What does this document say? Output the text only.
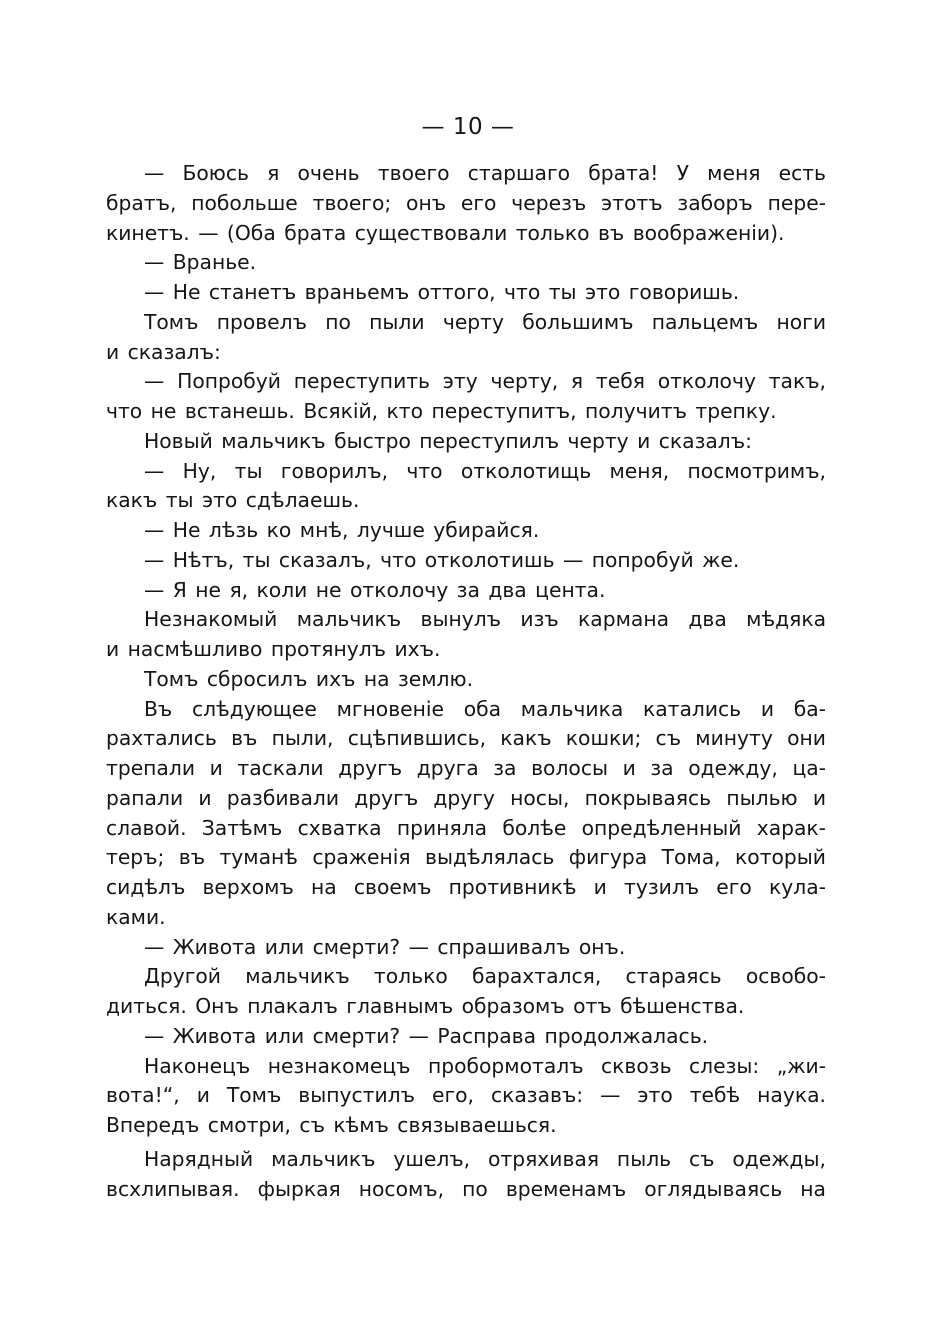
— 10 —
— Боюсь я очень твоего старшаго брата! У меня есть
братъ, побольше твоего; онъ его черезъ этотъ заборъ пере-
кинетъ. — (Оба брата существовали только въ воображеніи).
— Вранье.
— Не станетъ враньемъ оттого, что ты это говоришь.
Томъ провелъ по пыли черту большимъ пальцемъ ноги
и сказалъ:
— Попробуй переступить эту черту, я тебя отколочу такъ,
что не встанешь. Всякій, кто переступитъ, получитъ трепку.
Новый мальчикъ быстро переступилъ черту и сказалъ:
— Ну, ты говорилъ, что отколотищь меня, посмотримъ,
какъ ты это сдѣлаешь.
— Не лѣзь ко мнѣ, лучше убирайся.
— Нѣтъ, ты сказалъ, что отколотишь — попробуй же.
— Я не я, коли не отколочу за два цента.
Незнакомый мальчикъ вынулъ изъ кармана два мѣдяка
и насмѣшливо протянулъ ихъ.
Томъ сбросилъ ихъ на землю.
Въ слѣдующее мгновеніе оба мальчика катались и ба-
рахтались въ пыли, сцѣпившись, какъ кошки; съ минуту они
трепали и таскали другъ друга за волосы и за одежду, ца-
рапали и разбивали другъ другу носы, покрываясь пылью и
славой. Затѣмъ схватка приняла болѣе опредѣленный харак-
теръ; въ туманѣ сраженія выдѣлялась фигура Тома, который
сидѣлъ верхомъ на своемъ противникѣ и тузилъ его кула-
ками.
— Живота или смерти? — спрашивалъ онъ.
Другой мальчикъ только барахтался, стараясь освобо-
диться. Онъ плакалъ главнымъ образомъ отъ бѣшенства.
— Живота или смерти? — Расправа продолжалась.
Наконецъ незнакомецъ пробормоталъ сквозь слезы: „жи-
вота!“, и Томъ выпустилъ его, сказавъ: — это тебѣ наука.
Впередъ смотри, съ кѣмъ связываешься.
Нарядный мальчикъ ушелъ, отряхивая пыль съ одежды,
всхлипывая. фыркая носомъ, по временамъ оглядываясь на
